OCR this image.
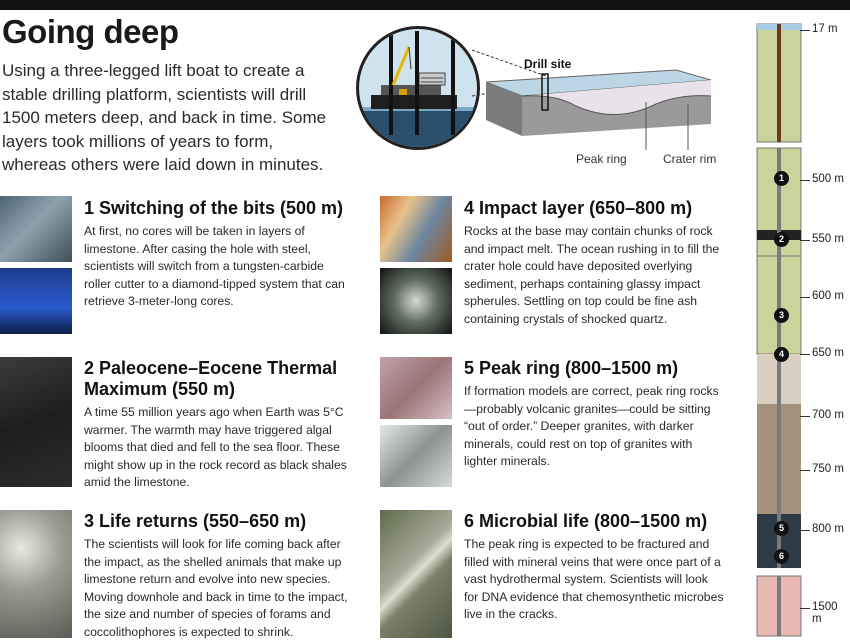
Going deep
Using a three-legged lift boat to create a stable drilling platform, scientists will drill 1500 meters deep, and back in time. Some layers took millions of years to form, whereas others were laid down in minutes.
Drill site
Peak ring	Crater rim
1 Switching of the bits (500 m)
At first, no cores will be taken in layers of limestone. After casing the hole with steel, scientists will switch from a tungsten-carbide roller cutter to a diamond-tipped system that can retrieve 3-meter-long cores.
2 Paleocene–Eocene Thermal Maximum (550 m)
A time 55 million years ago when Earth was 5°C warmer. The warmth may have triggered algal blooms that died and fell to the sea floor. These might show up in the rock record as black shales amid the limestone.
3 Life returns (550–650 m)
The scientists will look for life coming back after the impact, as the shelled animals that make up limestone return and evolve into new species. Moving downhole and back in time to the impact, the size and number of species of forams and coccolithophores is expected to shrink.
4 Impact layer (650–800 m)
Rocks at the base may contain chunks of rock and impact melt. The ocean rushing in to fill the crater hole could have deposited overlying sediment, perhaps containing glassy impact spherules. Settling on top could be fine ash containing crystals of shocked quartz.
5 Peak ring (800–1500 m)
If formation models are correct, peak ring rocks—probably volcanic granites—could be sitting “out of order.” Deeper granites, with darker minerals, could rest on top of granites with lighter minerals.
6 Microbial life (800–1500 m)
The peak ring is expected to be fractured and filled with mineral veins that were once part of a vast hydrothermal system. Scientists will look for DNA evidence that chemosynthetic microbes live in the cracks.
17 m
500 m
550 m
600 m
650 m
700 m
750 m
800 m
1500 m
1
2
3
4
5
6
